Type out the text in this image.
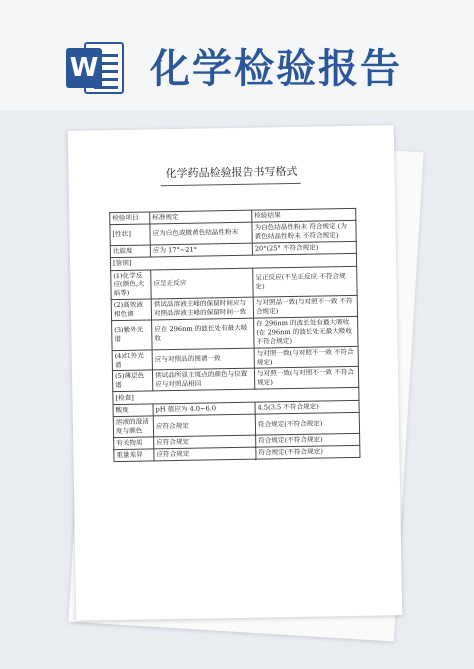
W 化学检验报告
化学药品检验报告书写格式
检验项目	标准规定	检验结果
[性状]	应为白色或微黄色结晶性粉末	为白色结晶性粉末 符合规定 (为黄色结晶性粉末 不符合规定)
比旋度	应为 17°~21°	20°(25° 不符合规定)
[鉴别]		
(1)化学反应(颜色,火焰等)	应呈正反应	呈正反应(不呈正反应 不符合规定)
(2)高效液相色谱	供试品溶液主峰的保留时间应与对照品溶液主峰的保留时间一致	与对照品一致(与对照不一致 不符合规定)
(3)紫外光谱	应在 296nm 的波长处有最大吸收	在 296nm 的波长处有最大吸收(在 296nm 的波长处无最大吸收 不符合规定)
(4)红外光谱	应与对照品的图谱一致	与对照一致(与对照不一致 不符合规定)
(5)薄层色谱	供试品所显主斑点的颜色与位置应与对照品相同	与对照一致(与对照不一致 不符合规定)
[检查]		
酸度	pH 值应为 4.0~6.0	4.5(3.5 不符合规定)
溶液的澄清度与颜色	应符合规定	符合规定(不符合规定)
有关物质	应符合规定	符合规定(不符合规定)
重量差异	应符合规定	符合规定(不符合规定)
